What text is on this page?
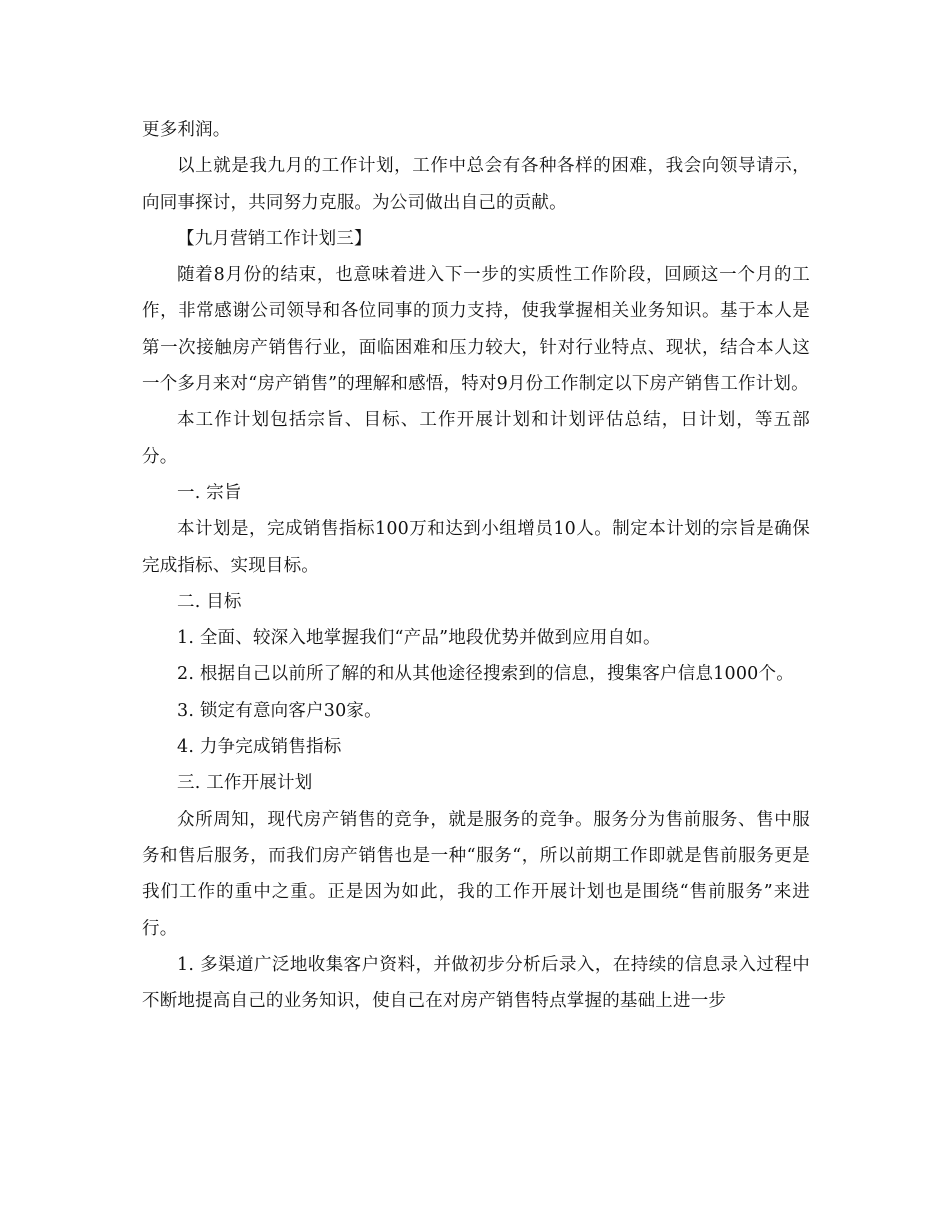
更多利润。

以上就是我九月的工作计划，工作中总会有各种各样的困难，我会向领导请示，向同事探讨，共同努力克服。为公司做出自己的贡献。

【九月营销工作计划三】

随着8月份的结束，也意味着进入下一步的实质性工作阶段，回顾这一个月的工作，非常感谢公司领导和各位同事的顶力支持，使我掌握相关业务知识。基于本人是第一次接触房产销售行业，面临困难和压力较大，针对行业特点、现状，结合本人这一个多月来对“房产销售”的理解和感悟，特对9月份工作制定以下房产销售工作计划。

本工作计划包括宗旨、目标、工作开展计划和计划评估总结，日计划，等五部分。

一. 宗旨

本计划是，完成销售指标100万和达到小组增员10人。制定本计划的宗旨是确保完成指标、实现目标。

二. 目标

1. 全面、较深入地掌握我们“产品”地段优势并做到应用自如。

2. 根据自己以前所了解的和从其他途径搜索到的信息，搜集客户信息1000个。

3. 锁定有意向客户30家。

4. 力争完成销售指标

三. 工作开展计划

众所周知，现代房产销售的竞争，就是服务的竞争。服务分为售前服务、售中服务和售后服务，而我们房产销售也是一种“服务“，所以前期工作即就是售前服务更是我们工作的重中之重。正是因为如此，我的工作开展计划也是围绕“售前服务”来进行。

1. 多渠道广泛地收集客户资料，并做初步分析后录入，在持续的信息录入过程中不断地提高自己的业务知识，使自己在对房产销售特点掌握的基础上进一步
